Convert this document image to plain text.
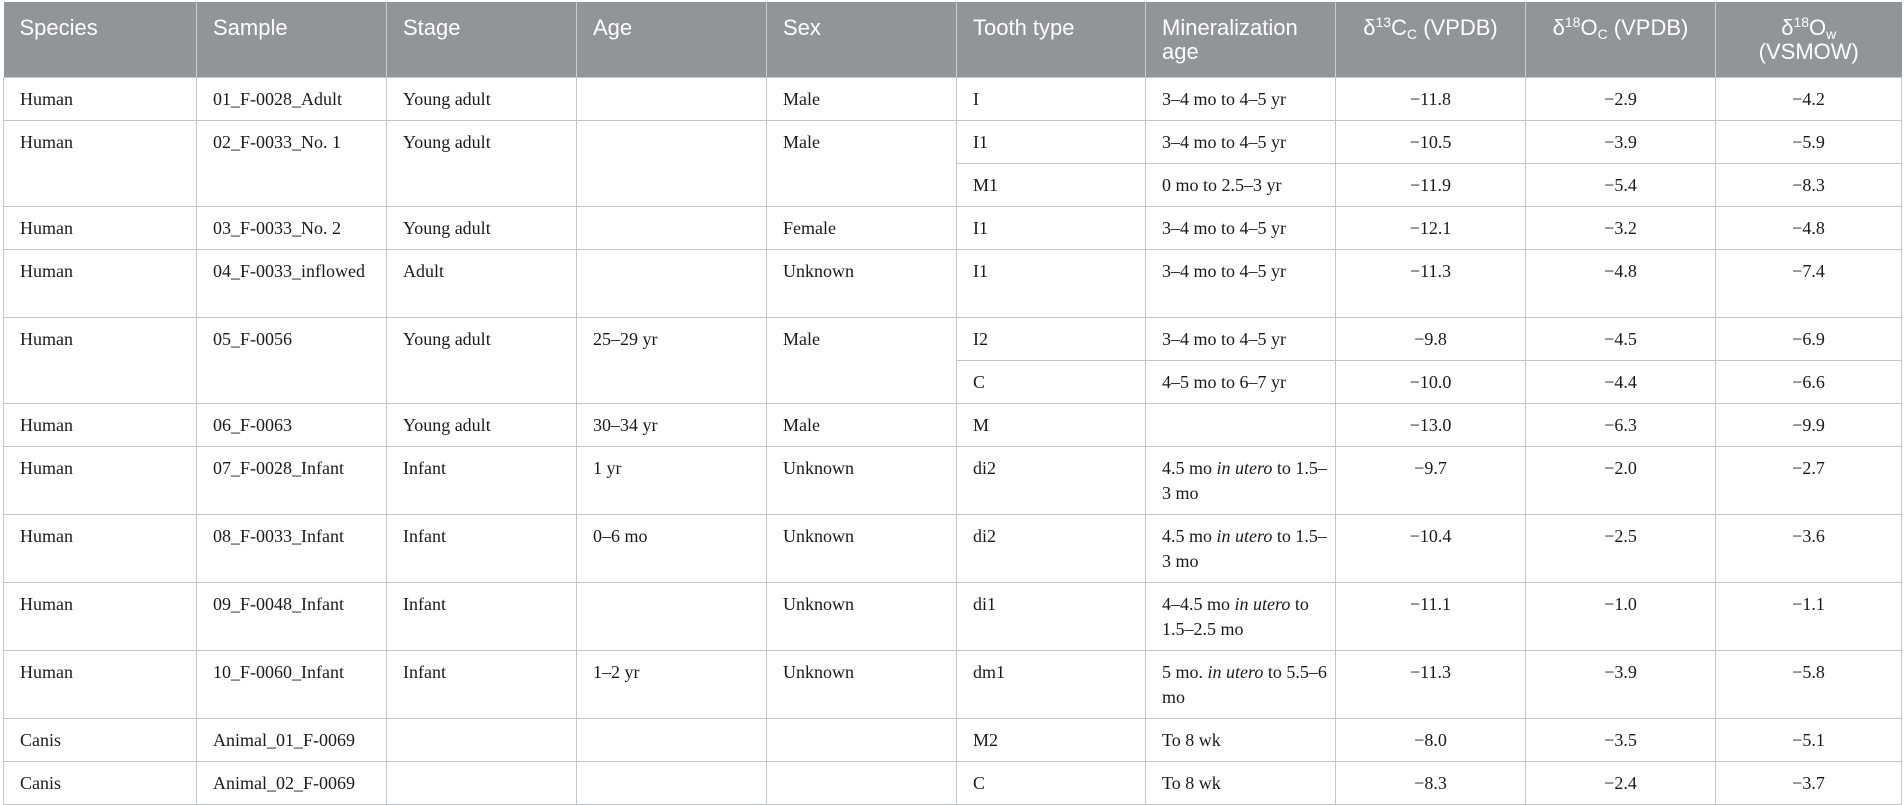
Species	Sample	Stage	Age	Sex	Tooth type	Mineralization age	$\delta^{13}C_C$ (VPDB)	$\delta^{18}O_C$ (VPDB)	$\delta^{18}O_w$
(VSMOW)
Human	01_F-0028_Adult	Young adult		Male	I	3–4 mo to 4–5 yr	−11.8	−2.9	−4.2
Human	02_F-0033_No. 1	Young adult		Male	I1	3–4 mo to 4–5 yr	−10.5	−3.9	−5.9
					M1	0 mo to 2.5–3 yr	−11.9	−5.4	−8.3
Human	03_F-0033_No. 2	Young adult		Female	I1	3–4 mo to 4–5 yr	−12.1	−3.2	−4.8
Human	04_F-0033_inflowed	Adult		Unknown	I1	3–4 mo to 4–5 yr	−11.3	−4.8	−7.4
Human	05_F-0056	Young adult	25–29 yr	Male	I2	3–4 mo to 4–5 yr	−9.8	−4.5	−6.9
					C	4–5 mo to 6–7 yr	−10.0	−4.4	−6.6
Human	06_F-0063	Young adult	30–34 yr	Male	M		−13.0	−6.3	−9.9
Human	07_F-0028_Infant	Infant	1 yr	Unknown	di2	4.5 mo in utero to 1.5–3 mo	−9.7	−2.0	−2.7
Human	08_F-0033_Infant	Infant	0–6 mo	Unknown	di2	4.5 mo in utero to 1.5–3 mo	−10.4	−2.5	−3.6
Human	09_F-0048_Infant	Infant		Unknown	di1	4–4.5 mo in utero to 1.5–2.5 mo	−11.1	−1.0	−1.1
Human	10_F-0060_Infant	Infant	1–2 yr	Unknown	dm1	5 mo. in utero to 5.5–6 mo	−11.3	−3.9	−5.8
Canis	Animal_01_F-0069				M2	To 8 wk	−8.0	−3.5	−5.1
Canis	Animal_02_F-0069				C	To 8 wk	−8.3	−2.4	−3.7
